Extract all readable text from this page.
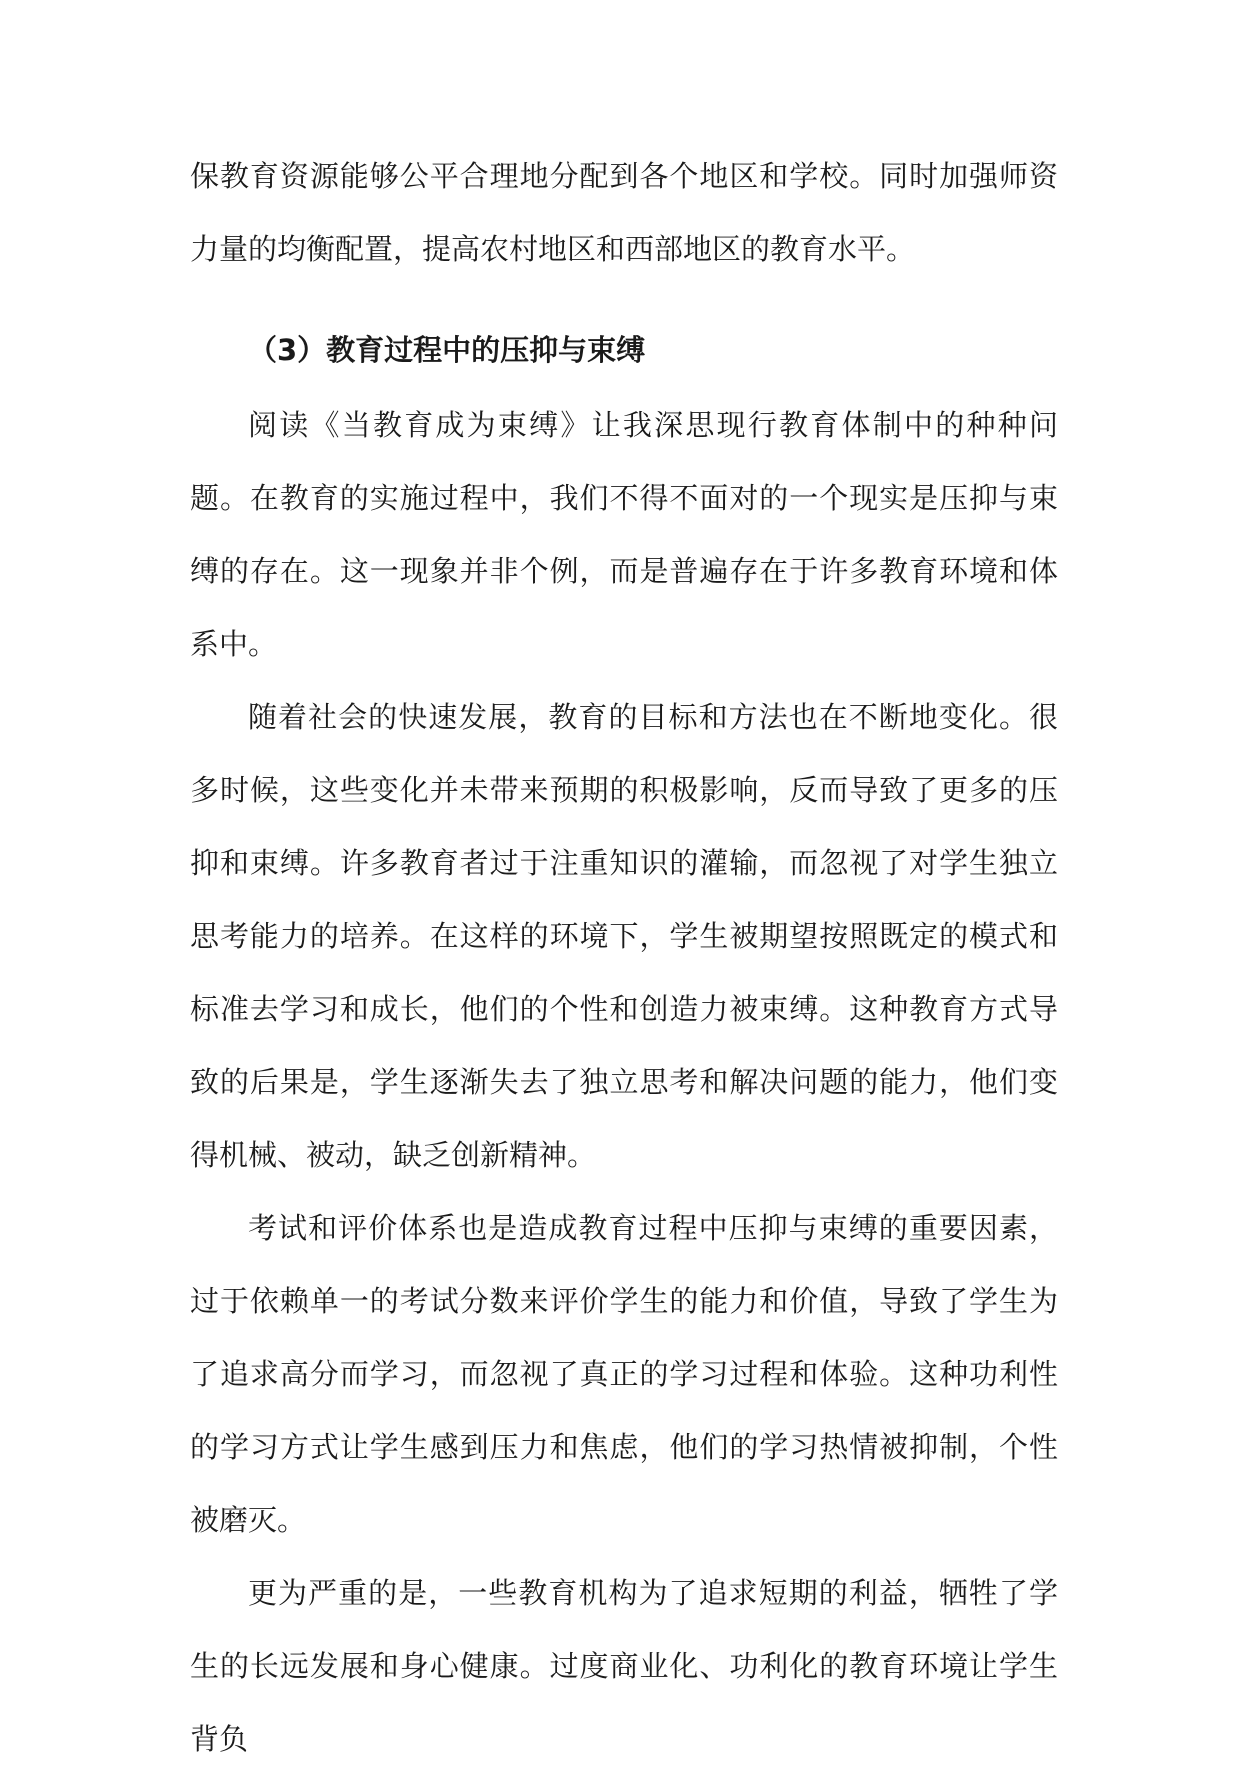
保教育资源能够公平合理地分配到各个地区和学校。同时加强师资力量的均衡配置，提高农村地区和西部地区的教育水平。

（3）教育过程中的压抑与束缚

阅读《当教育成为束缚》让我深思现行教育体制中的种种问题。在教育的实施过程中，我们不得不面对的一个现实是压抑与束缚的存在。这一现象并非个例，而是普遍存在于许多教育环境和体系中。

随着社会的快速发展，教育的目标和方法也在不断地变化。很多时候，这些变化并未带来预期的积极影响，反而导致了更多的压抑和束缚。许多教育者过于注重知识的灌输，而忽视了对学生独立思考能力的培养。在这样的环境下，学生被期望按照既定的模式和标准去学习和成长，他们的个性和创造力被束缚。这种教育方式导致的后果是，学生逐渐失去了独立思考和解决问题的能力，他们变得机械、被动，缺乏创新精神。

考试和评价体系也是造成教育过程中压抑与束缚的重要因素，过于依赖单一的考试分数来评价学生的能力和价值，导致了学生为了追求高分而学习，而忽视了真正的学习过程和体验。这种功利性的学习方式让学生感到压力和焦虑，他们的学习热情被抑制，个性被磨灭。

更为严重的是，一些教育机构为了追求短期的利益，牺牲了学生的长远发展和身心健康。过度商业化、功利化的教育环境让学生背负
